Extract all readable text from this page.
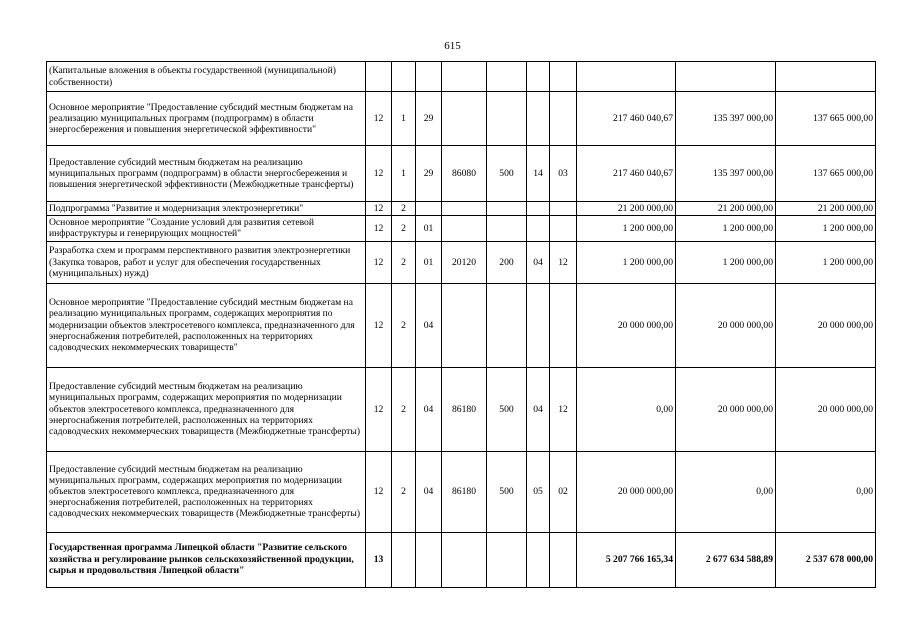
615
(Капитальные вложения в объекты государственной (муниципальной) собственности)										
Основное мероприятие "Предоставление субсидий местным бюджетам на реализацию муниципальных программ (подпрограмм) в области энергосбережения и повышения энергетической эффективности"	12	1	29					217 460 040,67	135 397 000,00	137 665 000,00
Предоставление субсидий местным бюджетам на реализацию муниципальных программ (подпрограмм) в области энергосбережения и повышения энергетической эффективности (Межбюджетные трансферты)	12	1	29	86080	500	14	03	217 460 040,67	135 397 000,00	137 665 000,00
Подпрограмма "Развитие и модернизация электроэнергетики"	12	2						21 200 000,00	21 200 000,00	21 200 000,00
Основное мероприятие "Создание условий для развития сетевой инфраструктуры и генерирующих мощностей"	12	2	01					1 200 000,00	1 200 000,00	1 200 000,00
Разработка схем и программ перспективного развития электроэнергетики (Закупка товаров, работ и услуг для обеспечения государственных (муниципальных) нужд)	12	2	01	20120	200	04	12	1 200 000,00	1 200 000,00	1 200 000,00
Основное мероприятие "Предоставление субсидий местным бюджетам на реализацию муниципальных программ, содержащих мероприятия по модернизации объектов электросетевого комплекса, предназначенного для энергоснабжения потребителей, расположенных на территориях садоводческих некоммерческих товариществ"	12	2	04					20 000 000,00	20 000 000,00	20 000 000,00
Предоставление субсидий местным бюджетам на реализацию муниципальных программ, содержащих мероприятия по модернизации объектов электросетевого комплекса, предназначенного для энергоснабжения потребителей, расположенных на территориях садоводческих некоммерческих товариществ (Межбюджетные трансферты)	12	2	04	86180	500	04	12	0,00	20 000 000,00	20 000 000,00
Предоставление субсидий местным бюджетам на реализацию муниципальных программ, содержащих мероприятия по модернизации объектов электросетевого комплекса, предназначенного для энергоснабжения потребителей, расположенных на территориях садоводческих некоммерческих товариществ (Межбюджетные трансферты)	12	2	04	86180	500	05	02	20 000 000,00	0,00	0,00
Государственная программа Липецкой области "Развитие сельского хозяйства и регулирование рынков сельскохозяйственной продукции, сырья и продовольствия Липецкой области"	13							5 207 766 165,34	2 677 634 588,89	2 537 678 000,00
